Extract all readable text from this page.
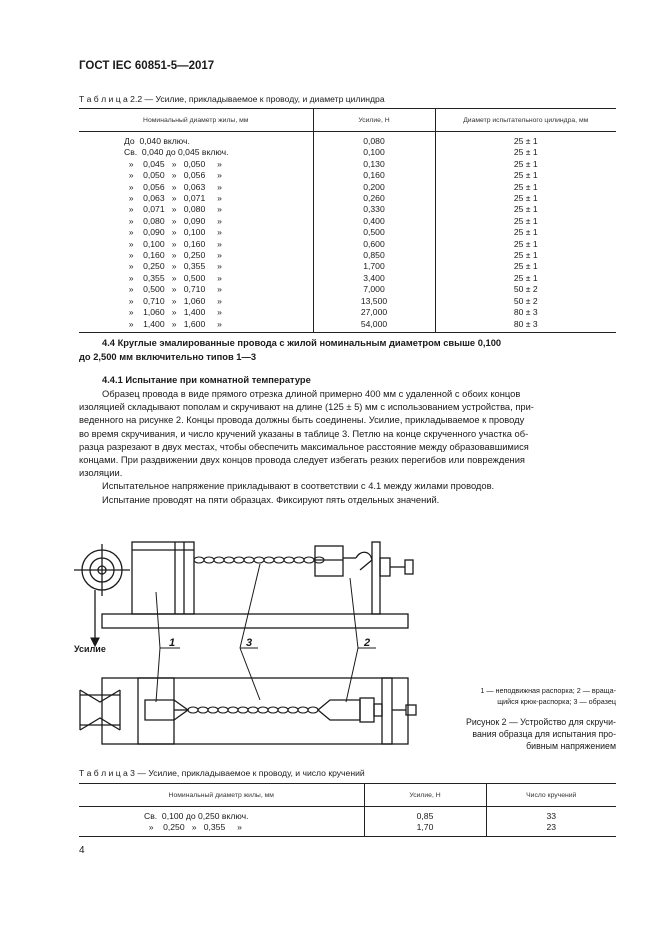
ГОСТ IEC 60851-5—2017
Т а б л и ц а 2.2 — Усилие, прикладываемое к проводу, и диаметр цилиндра
Номинальный диаметр жилы, мм	Усилие, Н	Диаметр испытательного цилиндра, мм
До  0,040 включ.	0,080	25 ± 1
Св.  0,040 до 0,045 включ.	0,100	25 ± 1
»    0,045   »   0,050     »	0,130	25 ± 1
»    0,050   »   0,056     »	0,160	25 ± 1
»    0,056   »   0,063     »	0,200	25 ± 1
»    0,063   »   0,071     »	0,260	25 ± 1
»    0,071   »   0,080     »	0,330	25 ± 1
»    0,080   »   0,090     »	0,400	25 ± 1
»    0,090   »   0,100     »	0,500	25 ± 1
»    0,100   »   0,160     »	0,600	25 ± 1
»    0,160   »   0,250     »	0,850	25 ± 1
»    0,250   »   0,355     »	1,700	25 ± 1
»    0,355   »   0,500     »	3,400	25 ± 1
»    0,500   »   0,710     »	7,000	50 ± 2
»    0,710   »   1,060     »	13,500	50 ± 2
»    1,060   »   1,400     »	27,000	80 ± 3
»    1,400   »   1,600     »	54,000	80 ± 3
4.4 Круглые эмалированные провода с жилой номинальным диаметром свыше 0,100
до 2,500 мм включительно типов 1—3
4.4.1 Испытание при комнатной температуре
Образец провода в виде прямого отрезка длиной примерно 400 мм с удаленной с обоих концов
изоляцией складывают пополам и скручивают на длине (125 ± 5) мм с использованием устройства, при-
веденного на рисунке 2. Концы провода должны быть соединены. Усилие, прикладываемое к проводу
во время скручивания, и число кручений указаны в таблице 3. Петлю на конце скрученного участка об-
разца разрезают в двух местах, чтобы обеспечить максимальное расстояние между образовавшимися
концами. При раздвижении двух концов провода следует избегать резких перегибов или повреждения
изоляции.
Испытательное напряжение прикладывают в соответствии с 4.1 между жилами проводов.
Испытание проводят на пяти образцах. Фиксируют пять отдельных значений.
Усилие	1	3	2
1 — неподвижная распорка; 2 — враща-
щийся крюк-распорка; 3 — образец
Рисунок 2 — Устройство для скручи-
вания образца для испытания про-
бивным напряжением
Т а б л и ц а 3 — Усилие, прикладываемое к проводу, и число кручений
Номинальный диаметр жилы, мм	Усилие, Н	Число кручений
Св.  0,100 до 0,250 включ.	0,85	33
»    0,250   »   0,355     »	1,70	23
4
